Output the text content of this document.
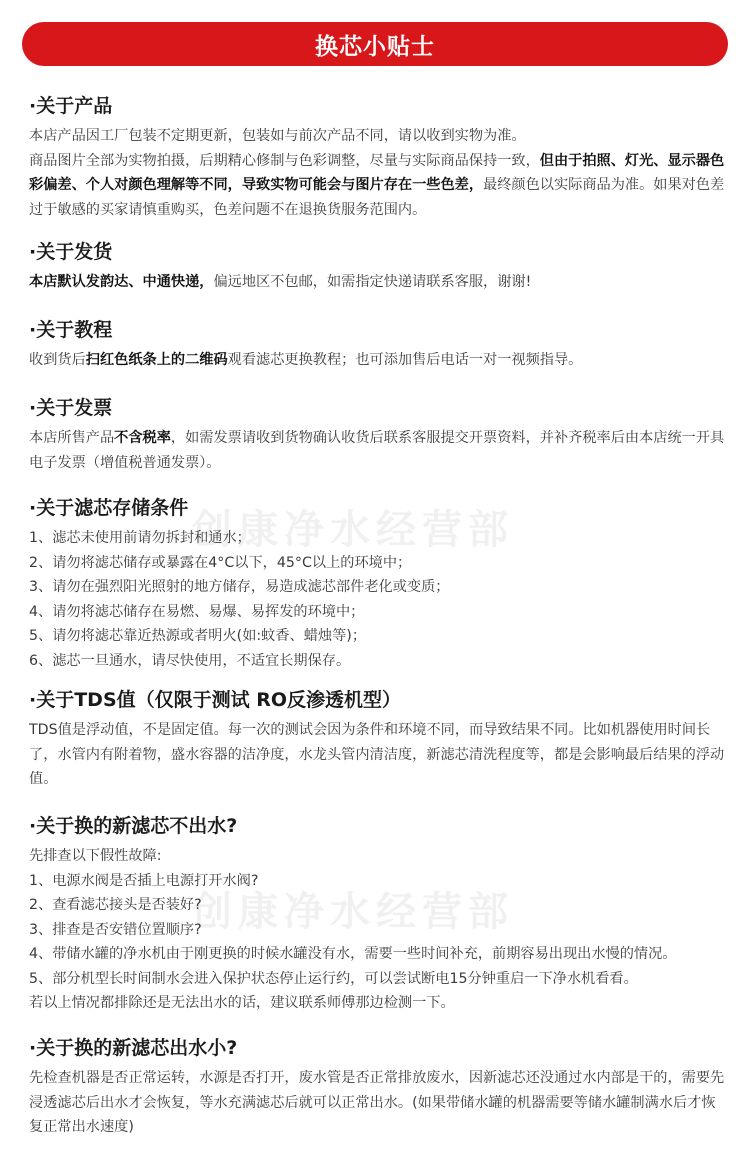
换芯小贴士
创康净水经营部
创康净水经营部
·关于产品

本店产品因工厂包装不定期更新，包装如与前次产品不同，请以收到实物为准。

商品图片全部为实物拍摄，后期精心修制与色彩调整，尽量与实际商品保持一致，但由于拍照、灯光、显示器色彩偏差、个人对颜色理解等不同，导致实物可能会与图片存在一些色差，最终颜色以实际商品为准。如果对色差过于敏感的买家请慎重购买，色差问题不在退换货服务范围内。

·关于发货

本店默认发韵达、中通快递，偏远地区不包邮，如需指定快递请联系客服，谢谢!

·关于教程

收到货后扫红色纸条上的二维码观看滤芯更换教程；也可添加售后电话一对一视频指导。

·关于发票

本店所售产品不含税率，如需发票请收到货物确认收货后联系客服提交开票资料，并补齐税率后由本店统一开具电子发票（增值税普通发票）。

·关于滤芯存储条件
1、滤芯未使用前请勿拆封和通水；
2、请勿将滤芯储存或暴露在4°C以下，45°C以上的环境中；
3、请勿在强烈阳光照射的地方储存，易造成滤芯部件老化或变质；
4、请勿将滤芯储存在易燃、易爆、易挥发的环境中；
5、请勿将滤芯靠近热源或者明火(如:蚊香、蜡烛等)；
6、滤芯一旦通水，请尽快使用，不适宜长期保存。
·关于TDS值（仅限于测试 RO反渗透机型）

TDS值是浮动值，不是固定值。每一次的测试会因为条件和环境不同，而导致结果不同。比如机器使用时间长了，水管内有附着物，盛水容器的洁净度，水龙头管内清洁度，新滤芯清洗程度等，都是会影响最后结果的浮动值。

·关于换的新滤芯不出水?

先排查以下假性故障:

1、电源水阀是否插上电源打开水阀?
2、查看滤芯接头是否装好?
3、排查是否安错位置顺序?
4、带储水罐的净水机由于刚更换的时候水罐没有水，需要一些时间补充，前期容易出现出水慢的情况。
5、部分机型长时间制水会进入保护状态停止运行约，可以尝试断电15分钟重启一下净水机看看。

若以上情况都排除还是无法出水的话，建议联系师傅那边检测一下。

·关于换的新滤芯出水小?

先检查机器是否正常运转，水源是否打开，废水管是否正常排放废水，因新滤芯还没通过水内部是干的，需要先浸透滤芯后出水才会恢复，等水充满滤芯后就可以正常出水。(如果带储水罐的机器需要等储水罐制满水后才恢复正常出水速度)
